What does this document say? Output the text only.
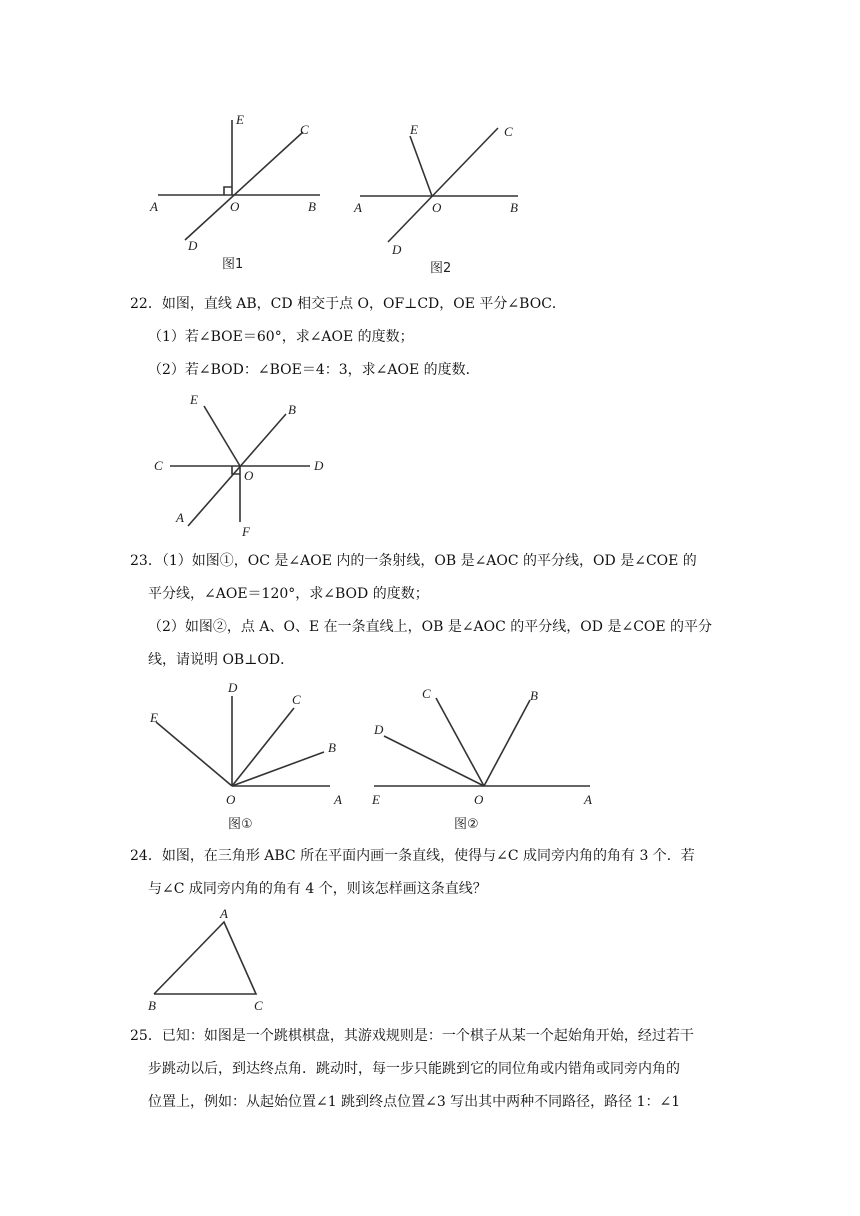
A	B
C
D
E
O
图1
A	B
C
D
E
O
图2
22．如图，直线 AB，CD 相交于点 O，OF⊥CD，OE 平分∠BOC．
（1）若∠BOE＝60°，求∠AOE 的度数；
（2）若∠BOD：∠BOE＝4：3，求∠AOE 的度数．
C	D
B
A
E
F
O
23．（1）如图①，OC 是∠AOE 内的一条射线，OB 是∠AOC 的平分线，OD 是∠COE 的
平分线，∠AOE＝120°，求∠BOD 的度数；
（2）如图②，点 A、O、E 在一条直线上，OB 是∠AOC 的平分线，OD 是∠COE 的平分
线，请说明 OB⊥OD．
A
B
C
D
E
O
图①
E	A
B
C
D
O
图②
24．如图，在三角形 ABC 所在平面内画一条直线，使得与∠C 成同旁内角的角有 3 个．若
与∠C 成同旁内角的角有 4 个，则该怎样画这条直线？
A
B	C
25．已知：如图是一个跳棋棋盘，其游戏规则是：一个棋子从某一个起始角开始，经过若干
步跳动以后，到达终点角．跳动时，每一步只能跳到它的同位角或内错角或同旁内角的
位置上，例如：从起始位置∠1 跳到终点位置∠3 写出其中两种不同路径，路径 1：∠1
